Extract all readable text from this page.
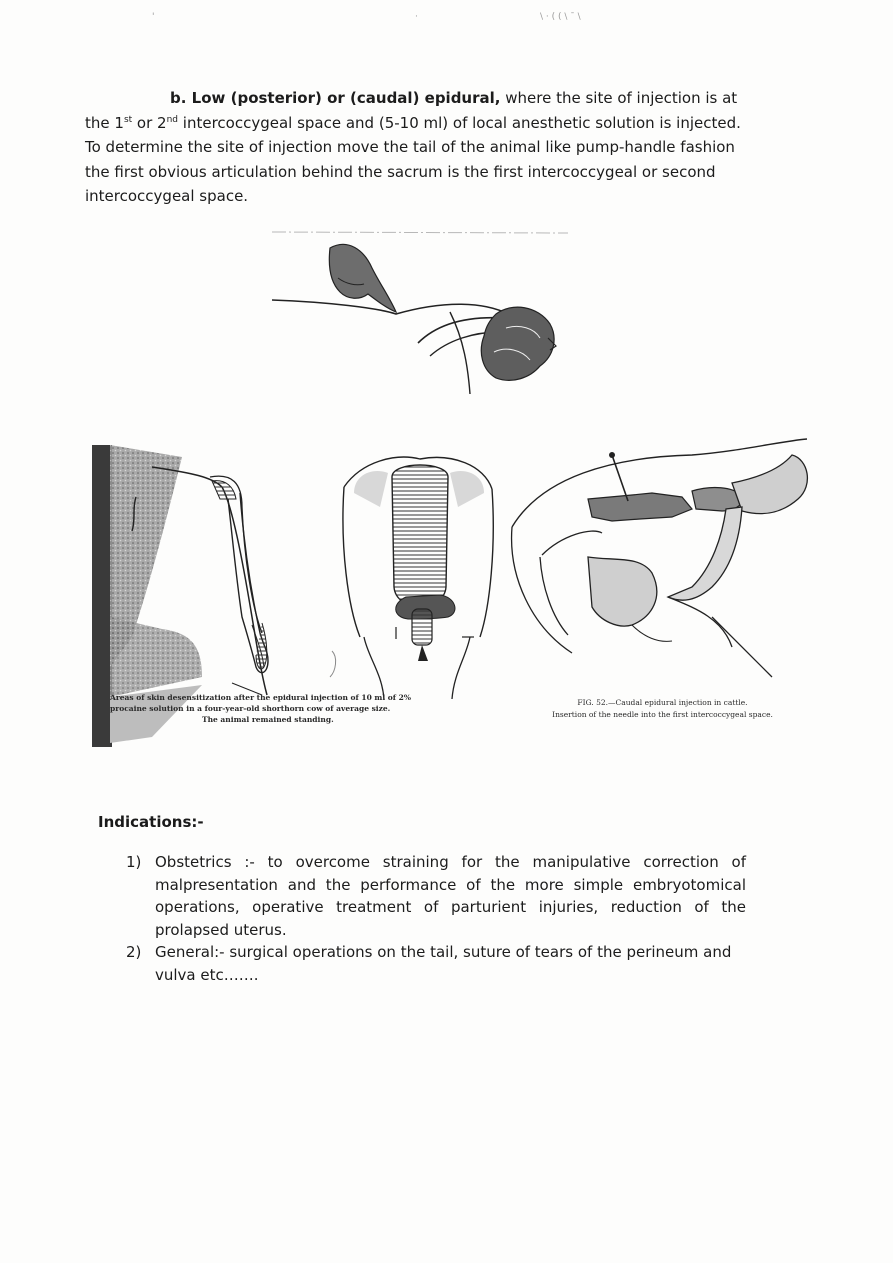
'	·	\ · ( ( \ ¯ \
b. Low (posterior) or (caudal) epidural, where the site of injection is at the 1st or 2nd intercoccygeal space and (5-10 ml) of local anesthetic solution is injected. To determine the site of injection move the tail of the animal like pump-handle fashion the first obvious articulation behind the sacrum is the first intercoccygeal or second intercoccygeal space.
Areas of skin desensitization after the epidural injection of 10 ml of 2%
procaine solution in a four-year-old shorthorn cow of average size.

The animal remained standing.
FIG. 52.—Caudal epidural injection in cattle.
Insertion of the needle into the first intercoccygeal space.
Indications:-
1) Obstetrics :- to overcome straining for the manipulative correction of malpresentation and the performance of the more simple embryotomical operations, operative treatment of parturient injuries, reduction of the prolapsed uterus.
2) General:- surgical operations on the tail, suture of tears of the perineum and vulva etc…….
